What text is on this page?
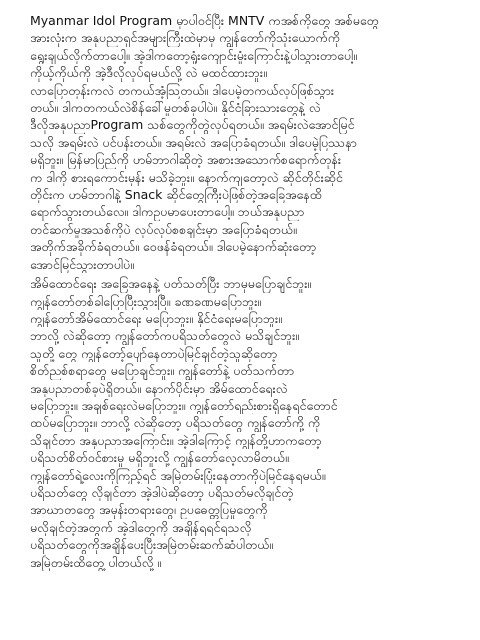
Myanmar Idol Program မှာပါဝင်ပြီး MNTV ကအစ်ကိုတွေ အစ်မတွေ
အားလုံးက အနုပညာရှင်အများကြီးထဲမှာမှ ကျွန်တော်ကိုသုံးယောက်ကို
ရွေးချယ်လိုက်တာပေါ့။ အဲ့ဒါကတော့ရှုံးကျောင်းမှုံးကြောင်းနဲ့ပါသွားတာပေါ့။
ကိုယ့်ကိုယ်ကို အဲ့ဒီလိုလုပ်ရမယ်လို့ လဲ မထင်ထားဘူး။
လာပြောတုန်းကလဲ တကယ်အံ့သြတယ်။ ဒါပေမဲ့တကယ်လုပ်ဖြစ်သွား
တယ်။ ဒါကတကယ်လဲစိန်ခေါ်မှုတစ်ခုပါပဲ။ နိုင်ငံခြားသားတွေနဲ့ လဲ
ဒီလိုအနုပညာProgram သစ်တွေကိုတွဲလုပ်ရတယ်။ အရမ်းလဲအောင်မြင်
သလို အရမ်းလဲ ပင်ပန်းတယ်။ အရမ်းလဲ အပြောခံရတယ်။ ဒါပေမဲ့ပြဿနာ
မရှိဘူး။ မြန်မာပြည်ကို ဟမ်ဘာဂါဆိုတဲ့ အစားအသောက်စရောက်တုန်း
က ဒါကို စားရကောင်းမှန်း မသိခဲ့ဘူး။ နောက်ကျတော့လဲ ဆိုင်တိုင်းဆိုင်
တိုင်းက ဟမ်ဘာဂါနဲ့ Snack ဆိုင်တွေကြီးပဲဖြစ်တဲ့အခြေအနေထိ
ရောက်သွားတယ်လေ။ ဒါကဥပမာပေးတာပေါ့။ ဘယ်အနုပညာ
တင်ဆက်မှုအသစ်ကိုပဲ လုပ်လုပ်စစချင်းမှာ အပြောခံရတယ်။
အတိုက်အခိုက်ခံရတယ်။ ဝေဖန်ခံရတယ်။ ဒါပေမဲ့နောက်ဆုံးတော့
အောင်မြင်သွားတာပါပဲ။
အိမ်ထောင်ရေး အခြေအနေနဲ့ ပတ်သတ်ပြီး ဘာမှမပြောချင်ဘူး။
ကျွန်တော်တစ်ခါပြောပြီးသွားပြီ။ ခဏခဏမပြောဘူး။
ကျွန်တော်အိမ်ထောင်ရေး မပြောဘူး။ နိုင်ငံရေးမပြောဘူး။
ဘာလို့ လဲဆိုတော့ ကျွန်တော်ကပရိသတ်တွေလဲ မသိချင်ဘူး။
သူတို့ တွေ ကျွန်တော့်ပျော်နေတာပဲမြင်ချင်တဲ့သူဆိုတော့
စိတ်ညစ်စရာတွေ မပြောချင်ဘူး။ ကျွန်တော်နဲ့ ပတ်သက်တာ
အနုပညာတစ်ခုပဲရှိတယ်။ နောက်ပိုင်းမှာ အိမ်ထောင်ရေးလဲ
မပြောဘူး။ အချစ်ရေးလဲမပြောဘူး။ ကျွန်တော်ရည်းစားရှိနေရင်တောင်
ထပ်မပြောဘူး။ ဘာလို့ လဲဆိုတော့ ပရိသတ်တွေ ကျွန်တော်ကို့ ကို
သိချင်တာ အနုပညာအကြောင်း။ အဲ့ဒါကြောင့် ကျွန်တို့ဟာကတော့
ပရိသတ်စိတ်ဝင်စားမှု မရှိဘူးလို့ ကျွန်တော်လေ့လာမိတယ်။
ကျွန်တော်ရဲ့လေးကိုကြည့်ရင် အမြဲတမ်းပြုံးနေတာကိုပဲမြင်နေရမယ်။
ပရိသတ်တွေ လိုချင်တာ အဲ့ဒါပဲဆိုတော့ ပရိသတ်မလိုချင်တဲ့
အာဃာတတွေ အမုန်းတရားတွေ၊ ဥပဓေတ္တပြမှုတွေကို
မလိုချင်တဲ့အတွက် အဲ့ဒါတွေကို အချိန်ရရင်ရသလို
ပရိသတ်တွေကိုအချိန်ပေးပြီးအမြဲတမ်းဆက်ဆံပါတယ်။
အမြဲတမ်းထိတွေ့ ပါတယ်လို့ ။
